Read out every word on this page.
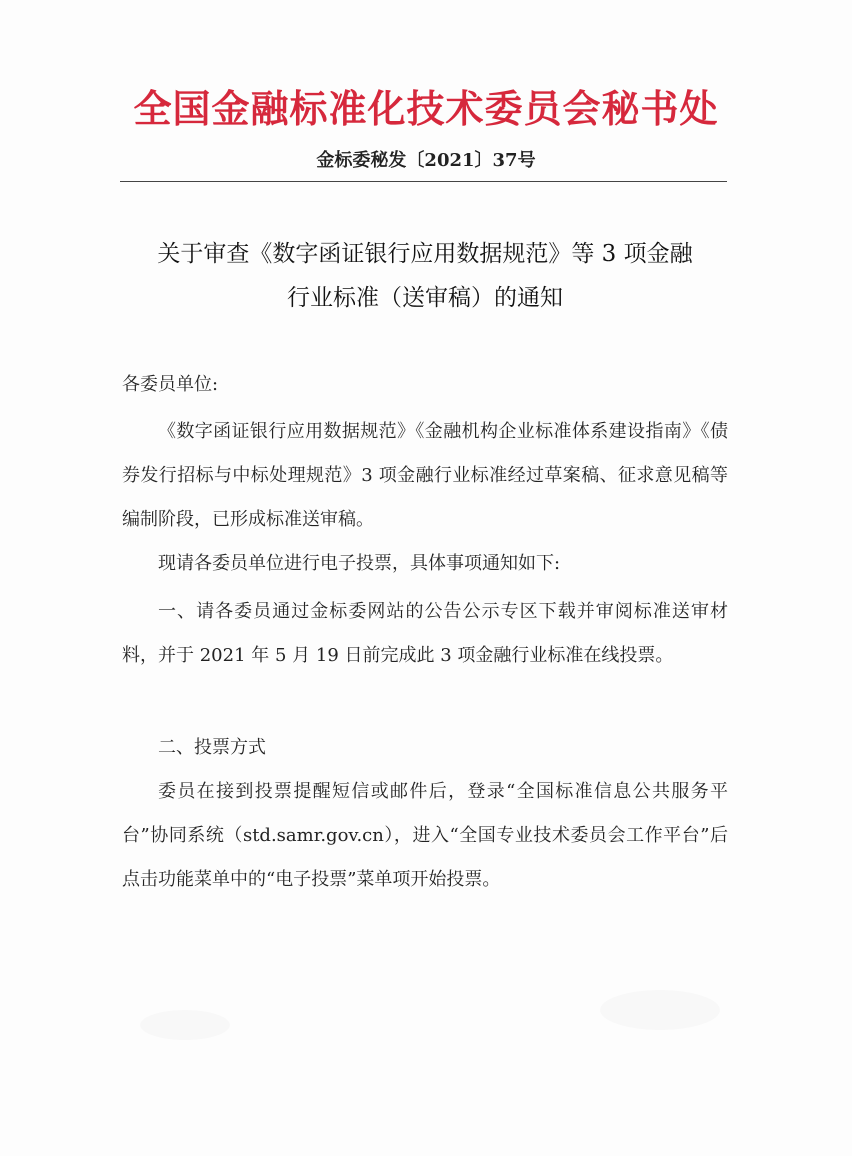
全国金融标准化技术委员会秘书处
金标委秘发〔2021〕37号
关于审查《数字函证银行应用数据规范》等 3 项金融
行业标准（送审稿）的通知
各委员单位:

《数字函证银行应用数据规范》《金融机构企业标准体系建设指南》《债券发行招标与中标处理规范》3 项金融行业标准经过草案稿、征求意见稿等编制阶段，已形成标准送审稿。

现请各委员单位进行电子投票，具体事项通知如下:

一、请各委员通过金标委网站的公告公示专区下载并审阅标准送审材料，并于 2021 年 5 月 19 日前完成此 3 项金融行业标准在线投票。

二、投票方式

委员在接到投票提醒短信或邮件后，登录“全国标准信息公共服务平台”协同系统（std.samr.gov.cn），进入“全国专业技术委员会工作平台”后点击功能菜单中的“电子投票”菜单项开始投票。
